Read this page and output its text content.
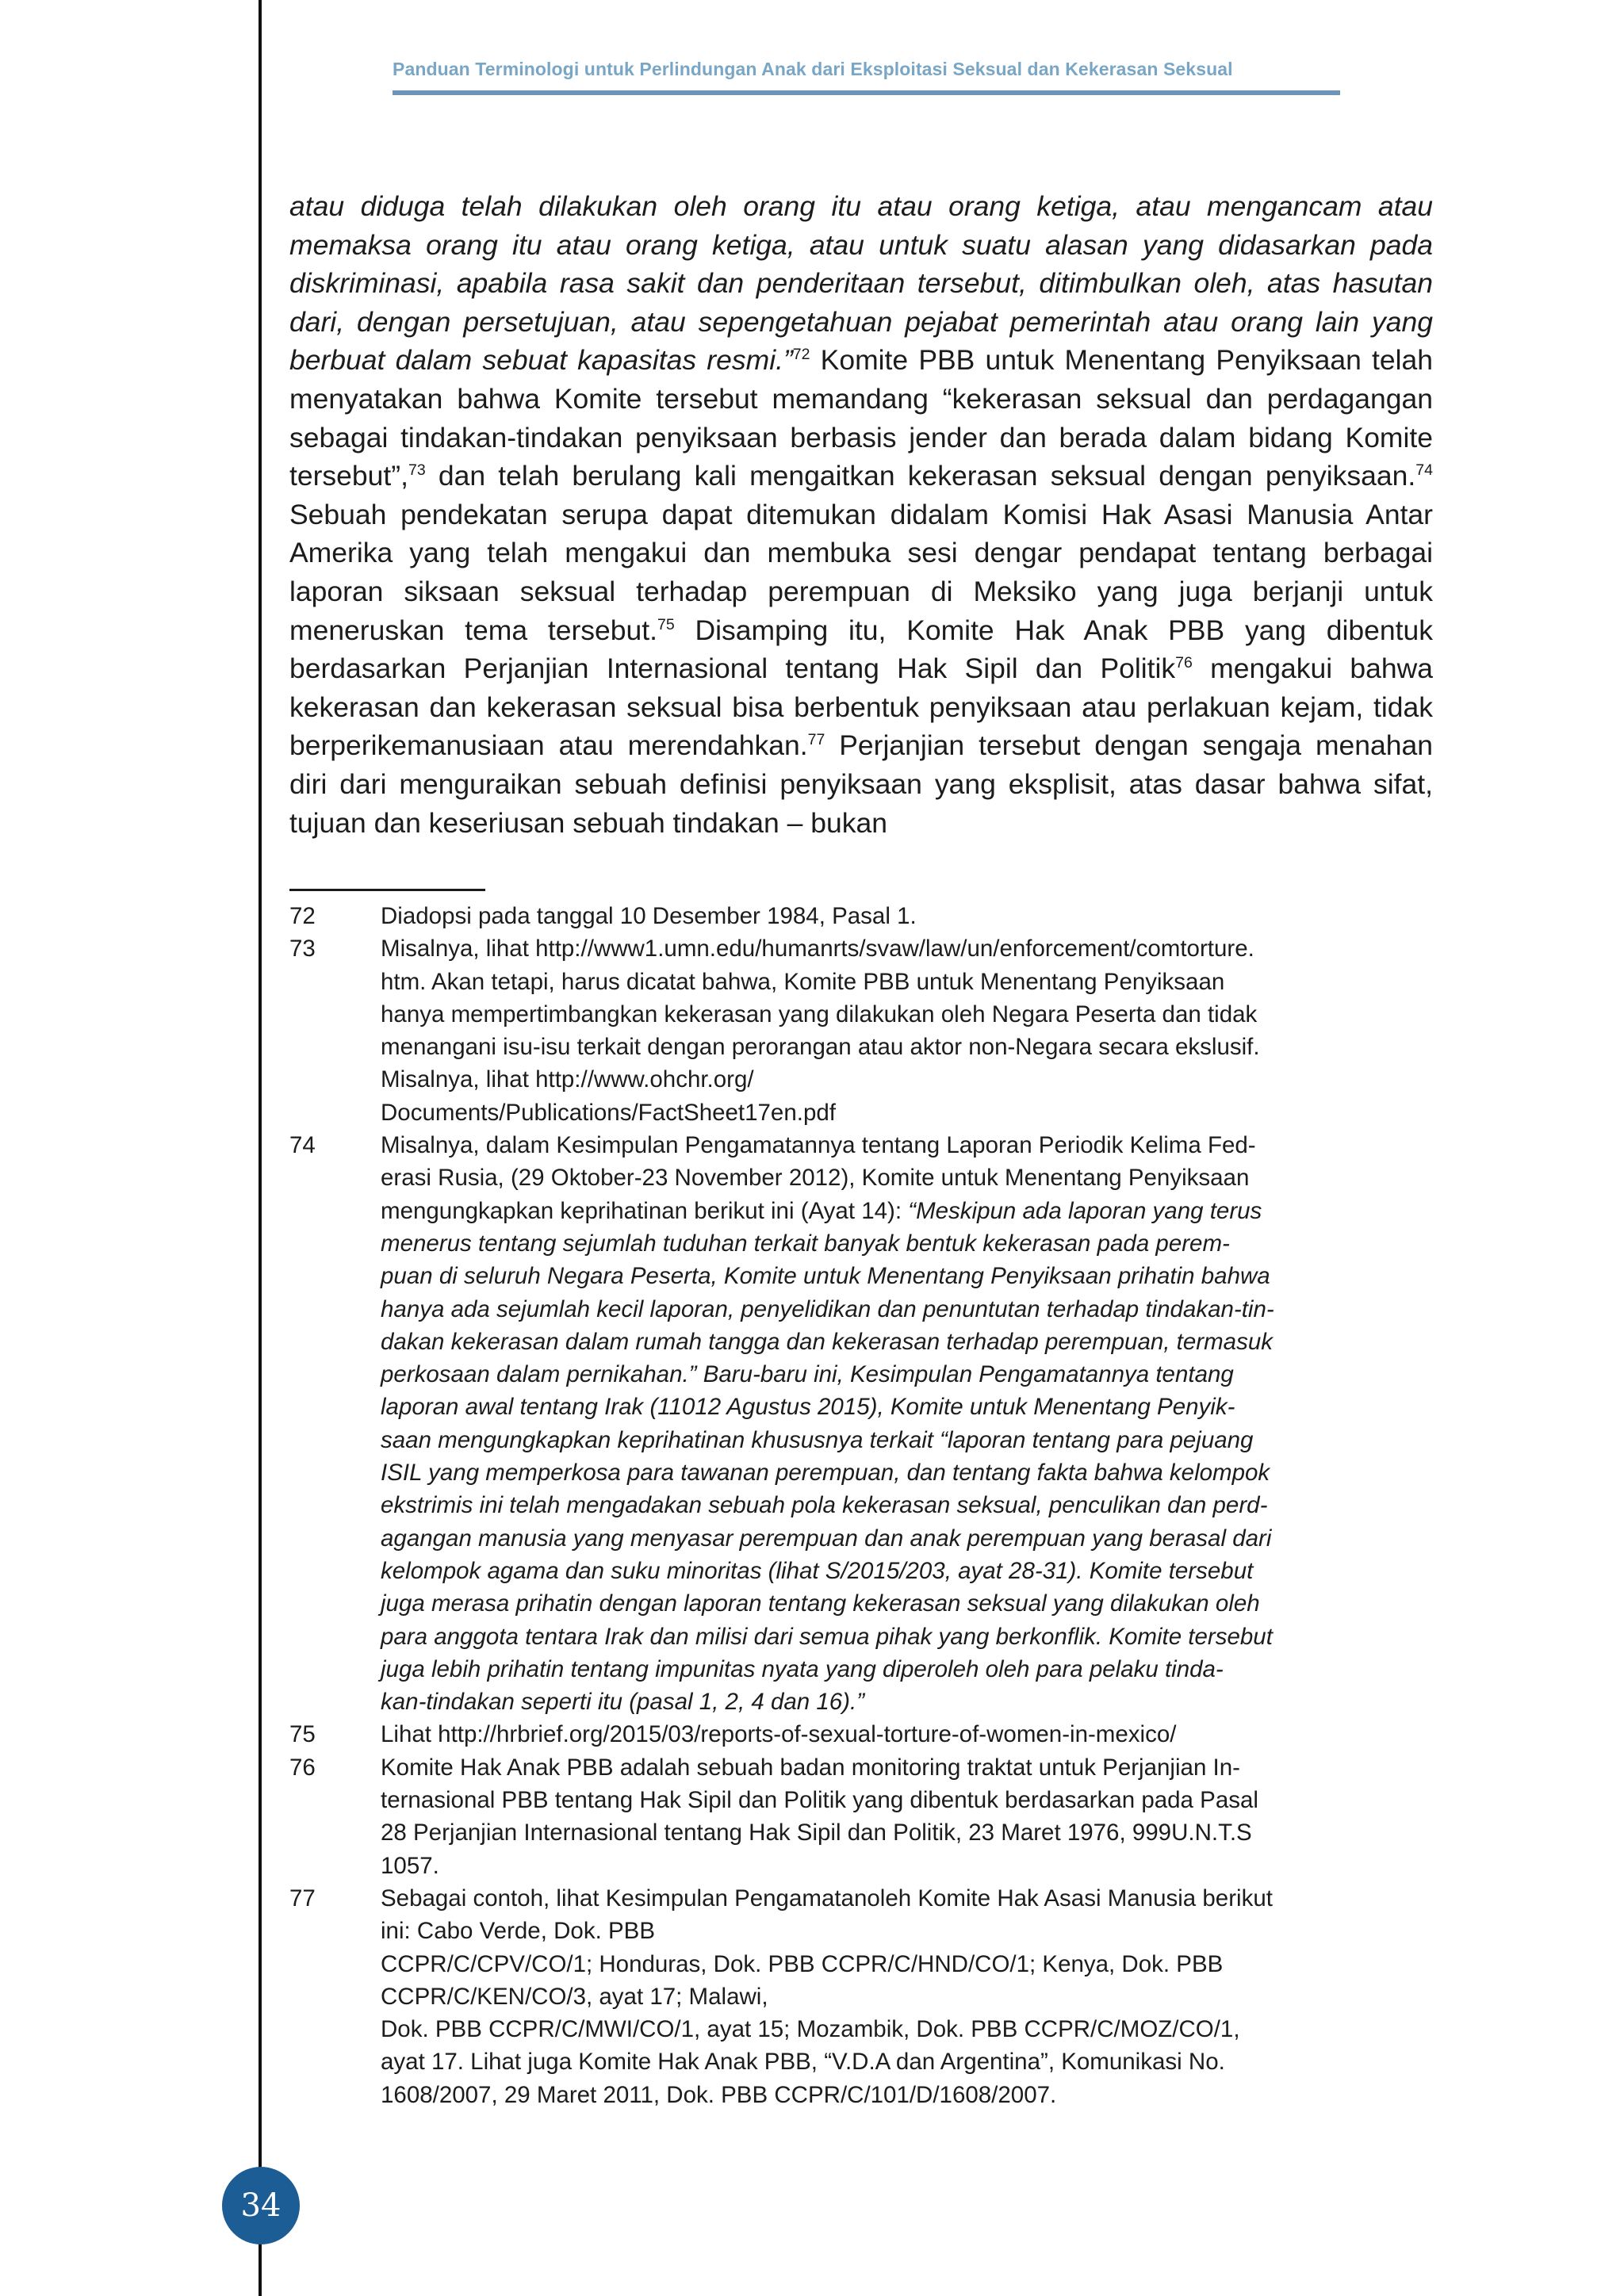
Panduan Terminologi untuk Perlindungan Anak dari Eksploitasi Seksual dan Kekerasan Seksual

atau diduga telah dilakukan oleh orang itu atau orang ketiga, atau mengancam atau memaksa orang itu atau orang ketiga, atau untuk suatu alasan yang didasarkan pada diskriminasi, apabila rasa sakit dan penderitaan tersebut, ditimbulkan oleh, atas hasutan dari, dengan persetujuan, atau sepengetahuan pejabat pemerintah atau orang lain yang berbuat dalam sebuat kapasitas resmi.”$^{72}$ Komite PBB untuk Menentang Penyiksaan telah menyatakan bahwa Komite tersebut memandang “kekerasan seksual dan perdagangan sebagai tindakan-tindakan penyiksaan berbasis jender dan berada dalam bidang Komite tersebut”,$^{73}$ dan telah berulang kali mengaitkan kekerasan seksual dengan penyiksaan.$^{74}$ Sebuah pendekatan serupa dapat ditemukan didalam Komisi Hak Asasi Manusia Antar Amerika yang telah mengakui dan membuka sesi dengar pendapat tentang berbagai laporan siksaan seksual terhadap perempuan di Meksiko yang juga berjanji untuk meneruskan tema tersebut.$^{75}$ Disamping itu, Komite Hak Anak PBB yang dibentuk berdasarkan Perjanjian Internasional tentang Hak Sipil dan Politik$^{76}$ mengakui bahwa kekerasan dan kekerasan seksual bisa berbentuk penyiksaan atau perlakuan kejam, tidak berperikemanusiaan atau merendahkan.$^{77}$ Perjanjian tersebut dengan sengaja menahan diri dari menguraikan sebuah definisi penyiksaan yang eksplisit, atas dasar bahwa sifat, tujuan dan keseriusan sebuah tindakan – bukan

72	Diadopsi pada tanggal 10 Desember 1984, Pasal 1.
73	Misalnya, lihat http://www1.umn.edu/humanrts/svaw/law/un/enforcement/comtorture.
htm. Akan tetapi, harus dicatat bahwa, Komite PBB untuk Menentang Penyiksaan
hanya mempertimbangkan kekerasan yang dilakukan oleh Negara Peserta dan tidak
menangani isu-isu terkait dengan perorangan atau aktor non-Negara secara ekslusif.
Misalnya, lihat http://www.ohchr.org/
Documents/Publications/FactSheet17en.pdf
74	Misalnya, dalam Kesimpulan Pengamatannya tentang Laporan Periodik Kelima Fed-
erasi Rusia, (29 Oktober-23 November 2012), Komite untuk Menentang Penyiksaan
mengungkapkan keprihatinan berikut ini (Ayat 14): “Meskipun ada laporan yang terus
menerus tentang sejumlah tuduhan terkait banyak bentuk kekerasan pada perem-
puan di seluruh Negara Peserta, Komite untuk Menentang Penyiksaan prihatin bahwa
hanya ada sejumlah kecil laporan, penyelidikan dan penuntutan terhadap tindakan-tin-
dakan kekerasan dalam rumah tangga dan kekerasan terhadap perempuan, termasuk
perkosaan dalam pernikahan.” Baru-baru ini, Kesimpulan Pengamatannya tentang
laporan awal tentang Irak (11012 Agustus 2015), Komite untuk Menentang Penyik-
saan mengungkapkan keprihatinan khususnya terkait “laporan tentang para pejuang
ISIL yang memperkosa para tawanan perempuan, dan tentang fakta bahwa kelompok
ekstrimis ini telah mengadakan sebuah pola kekerasan seksual, penculikan dan perd-
agangan manusia yang menyasar perempuan dan anak perempuan yang berasal dari
kelompok agama dan suku minoritas (lihat S/2015/203, ayat 28-31). Komite tersebut
juga merasa prihatin dengan laporan tentang kekerasan seksual yang dilakukan oleh
para anggota tentara Irak dan milisi dari semua pihak yang berkonflik. Komite tersebut
juga lebih prihatin tentang impunitas nyata yang diperoleh oleh para pelaku tinda-
kan-tindakan seperti itu (pasal 1, 2, 4 dan 16).”
75	Lihat http://hrbrief.org/2015/03/reports-of-sexual-torture-of-women-in-mexico/
76	Komite Hak Anak PBB adalah sebuah badan monitoring traktat untuk Perjanjian In-
ternasional PBB tentang Hak Sipil dan Politik yang dibentuk berdasarkan pada Pasal
28 Perjanjian Internasional tentang Hak Sipil dan Politik, 23 Maret 1976, 999U.N.T.S
1057.
77	Sebagai contoh, lihat Kesimpulan Pengamatanoleh Komite Hak Asasi Manusia berikut
ini: Cabo Verde, Dok. PBB
CCPR/C/CPV/CO/1; Honduras, Dok. PBB CCPR/C/HND/CO/1; Kenya, Dok. PBB
CCPR/C/KEN/CO/3, ayat 17; Malawi,
Dok. PBB CCPR/C/MWI/CO/1, ayat 15; Mozambik, Dok. PBB CCPR/C/MOZ/CO/1,
ayat 17. Lihat juga Komite Hak Anak PBB, “V.D.A dan Argentina”, Komunikasi No.
1608/2007, 29 Maret 2011, Dok. PBB CCPR/C/101/D/1608/2007.
34
